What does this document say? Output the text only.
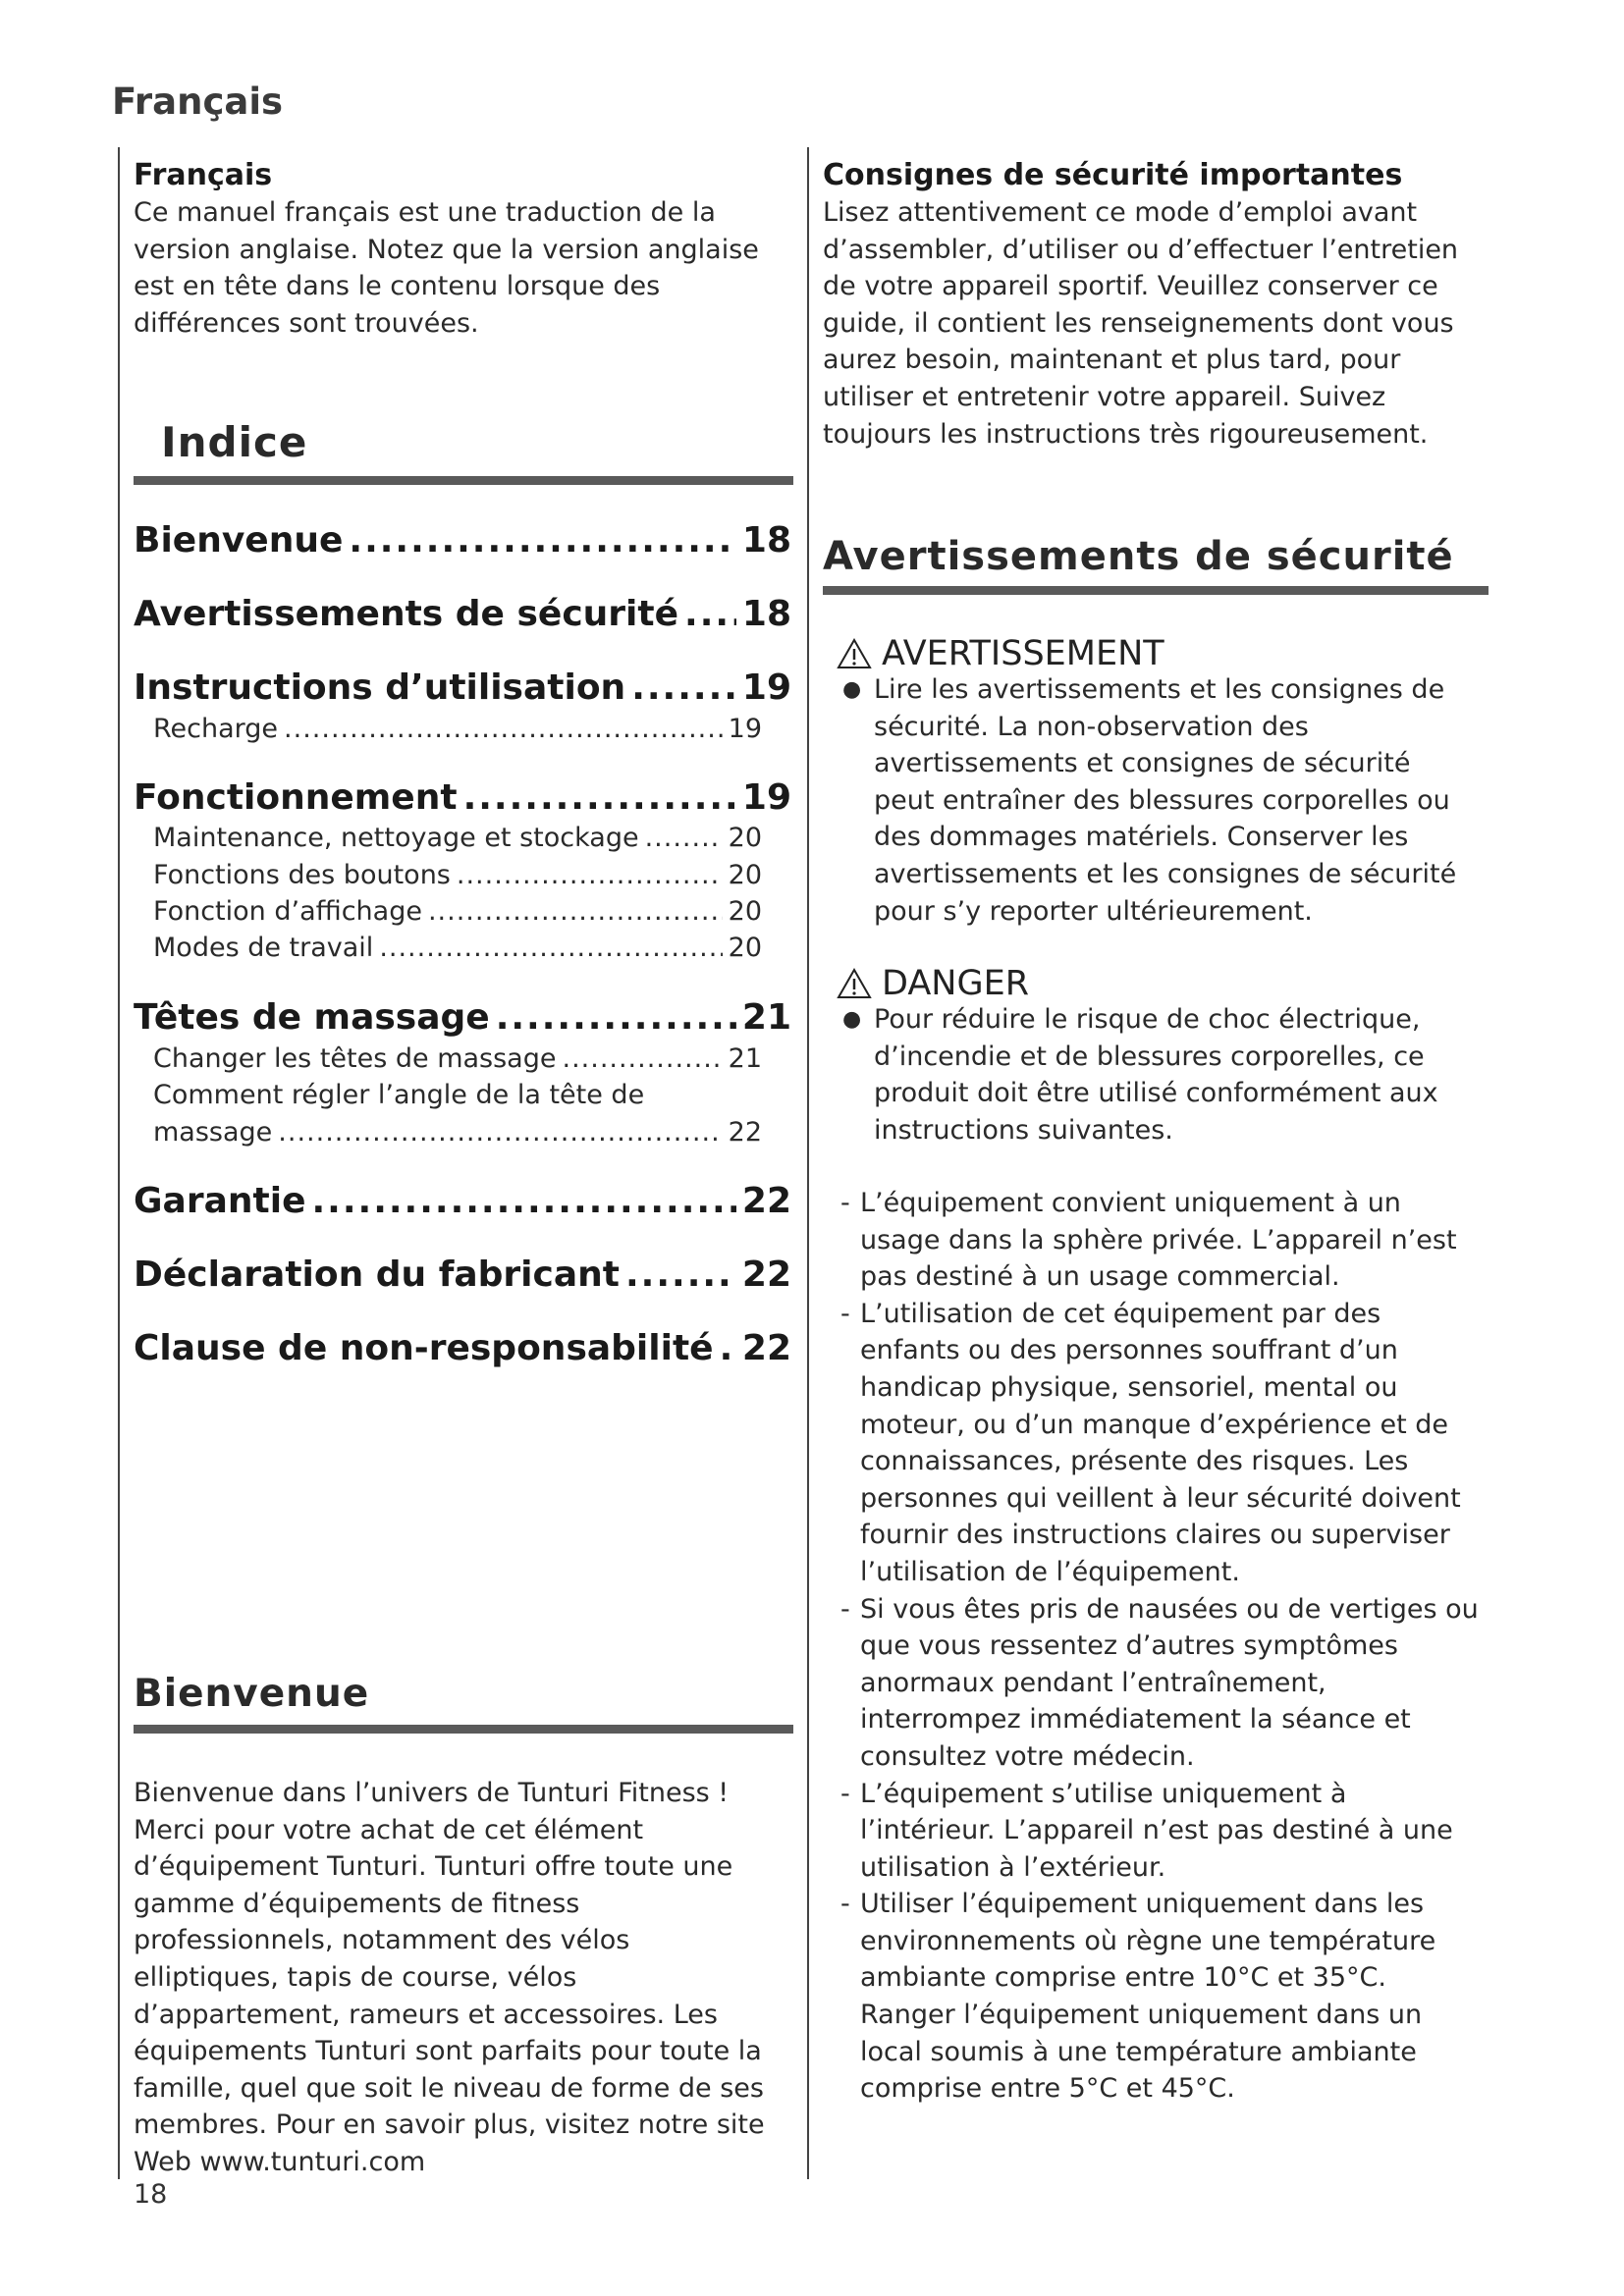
Français
Français
Ce manuel français est une traduction de la version anglaise. Notez que la version anglaise est en tête dans le contenu lorsque des différences sont trouvées.
Indice
Bienvenue .....	18
Avertissements de sécurité ..... 18
Instructions d’utilisation .....	19
Recharge .....	19
Fonctionnement .....	19
Maintenance, nettoyage et stockage .....	20
Fonctions des boutons .....	20
Fonction d’affichage .....	20
Modes de travail .....	20
Têtes de massage .....	21
Changer les têtes de massage .....	21
Comment régler l’angle de la tête de
massage .....	22
Garantie .....	22
Déclaration du fabricant .....	22
Clause de non-responsabilité ..... 22
Bienvenue
Bienvenue dans l’univers de Tunturi Fitness ! Merci pour votre achat de cet élément d’équipement Tunturi. Tunturi offre toute une gamme d’équipements de fitness professionnels, notamment des vélos elliptiques, tapis de course, vélos d’appartement, rameurs et accessoires. Les équipements Tunturi sont parfaits pour toute la famille, quel que soit le niveau de forme de ses membres. Pour en savoir plus, visitez notre site Web www.tunturi.com
Consignes de sécurité importantes
Lisez attentivement ce mode d’emploi avant d’assembler, d’utiliser ou d’effectuer l’entretien de votre appareil sportif. Veuillez conserver ce guide, il contient les renseignements dont vous aurez besoin, maintenant et plus tard, pour utiliser et entretenir votre appareil. Suivez toujours les instructions très rigoureusement.
Avertissements de sécurité
AVERTISSEMENT
● Lire les avertissements et les consignes de sécurité. La non-observation des avertissements et consignes de sécurité peut entraîner des blessures corporelles ou des dommages matériels. Conserver les avertissements et les consignes de sécurité pour s’y reporter ultérieurement.
DANGER
● Pour réduire le risque de choc électrique, d’incendie et de blessures corporelles, ce produit doit être utilisé conformément aux instructions suivantes.
- L’équipement convient uniquement à un usage dans la sphère privée. L’appareil n’est pas destiné à un usage commercial.
- L’utilisation de cet équipement par des enfants ou des personnes souffrant d’un handicap physique, sensoriel, mental ou moteur, ou d’un manque d’expérience et de connaissances, présente des risques. Les personnes qui veillent à leur sécurité doivent fournir des instructions claires ou superviser l’utilisation de l’équipement.
- Si vous êtes pris de nausées ou de vertiges ou que vous ressentez d’autres symptômes anormaux pendant l’entraînement, interrompez immédiatement la séance et consultez votre médecin.
- L’équipement s’utilise uniquement à l’intérieur. L’appareil n’est pas destiné à une utilisation à l’extérieur.
- Utiliser l’équipement uniquement dans les environnements où règne une température ambiante comprise entre 10°C et 35°C. Ranger l’équipement uniquement dans un local soumis à une température ambiante comprise entre 5°C et 45°C.
18
